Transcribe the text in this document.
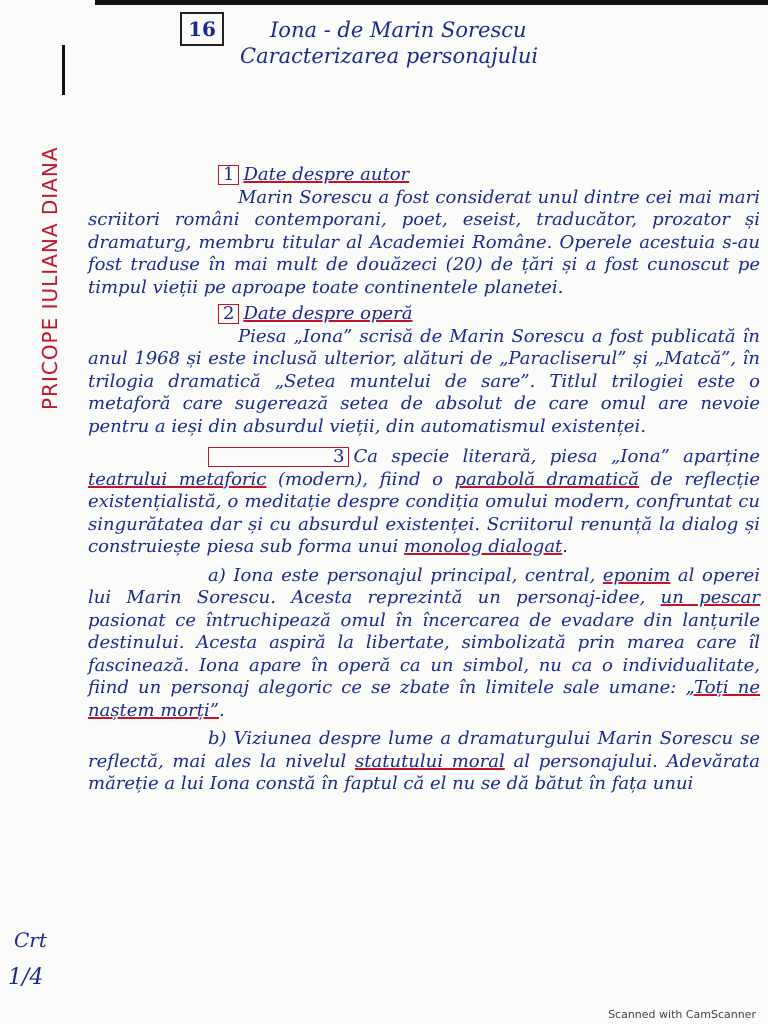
16	Iona - de Marin Sorescu
Caracterizarea personajului
PRICOPE IULIANA DIANA	1 Date despre autor

Marin Sorescu a fost considerat unul dintre cei mai mari scriitori români contemporani, poet, eseist, traducător, prozator și dramaturg, membru titular al Academiei Române. Operele acestuia s-au fost traduse în mai mult de douăzeci (20) de țări și a fost cunoscut pe timpul vieții pe aproape toate continentele planetei.

2 Date despre operă

Piesa „Iona” scrisă de Marin Sorescu a fost publicată în anul 1968 și este inclusă ulterior, alături de „Paracliserul” și „Matcă”, în trilogia dramatică „Setea muntelui de sare”. Titlul trilogiei este o metaforă care sugerează setea de absolut de care omul are nevoie pentru a ieși din absurdul vieții, din automatismul existenței.

3 Ca specie literară, piesa „Iona” aparține teatrului metaforic (modern), fiind o parabolă dramatică de reflecție existențialistă, o meditație despre condiția omului modern, confruntat cu singurătatea dar și cu absurdul existenței. Scriitorul renunță la dialog și construiește piesa sub forma unui monolog dialogat.

a) Iona este personajul principal, central, eponim al operei lui Marin Sorescu. Acesta reprezintă un personaj-idee, un pescar pasionat ce întruchipează omul în încercarea de evadare din lanțurile destinului. Acesta aspiră la libertate, simbolizată prin marea care îl fascinează. Iona apare în operă ca un simbol, nu ca o individualitate, fiind un personaj alegoric ce se zbate în limitele sale umane: „Toți ne naștem morți”.

b) Viziunea despre lume a dramaturgului Marin Sorescu se reflectă, mai ales la nivelul statutului moral al personajului. Adevărata măreție a lui Iona constă în faptul că el nu se dă bătut în fața unui

Crt
1/4
Scanned with CamScanner
